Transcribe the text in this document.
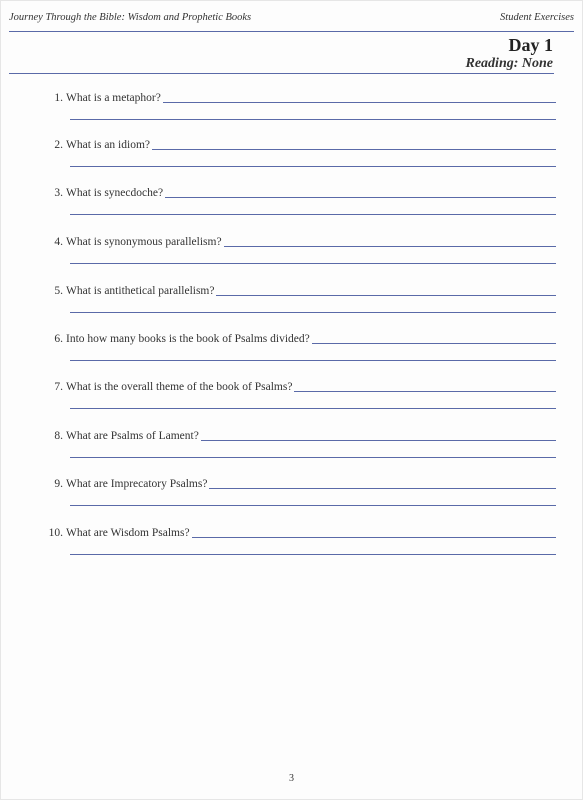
Journey Through the Bible: Wisdom and Prophetic Books	Student Exercises
Day 1
Reading: None
1. What is a metaphor?
2. What is an idiom?
3. What is synecdoche?
4. What is synonymous parallelism?
5. What is antithetical parallelism?
6. Into how many books is the book of Psalms divided?
7. What is the overall theme of the book of Psalms?
8. What are Psalms of Lament?
9. What are Imprecatory Psalms?
10. What are Wisdom Psalms?
3
